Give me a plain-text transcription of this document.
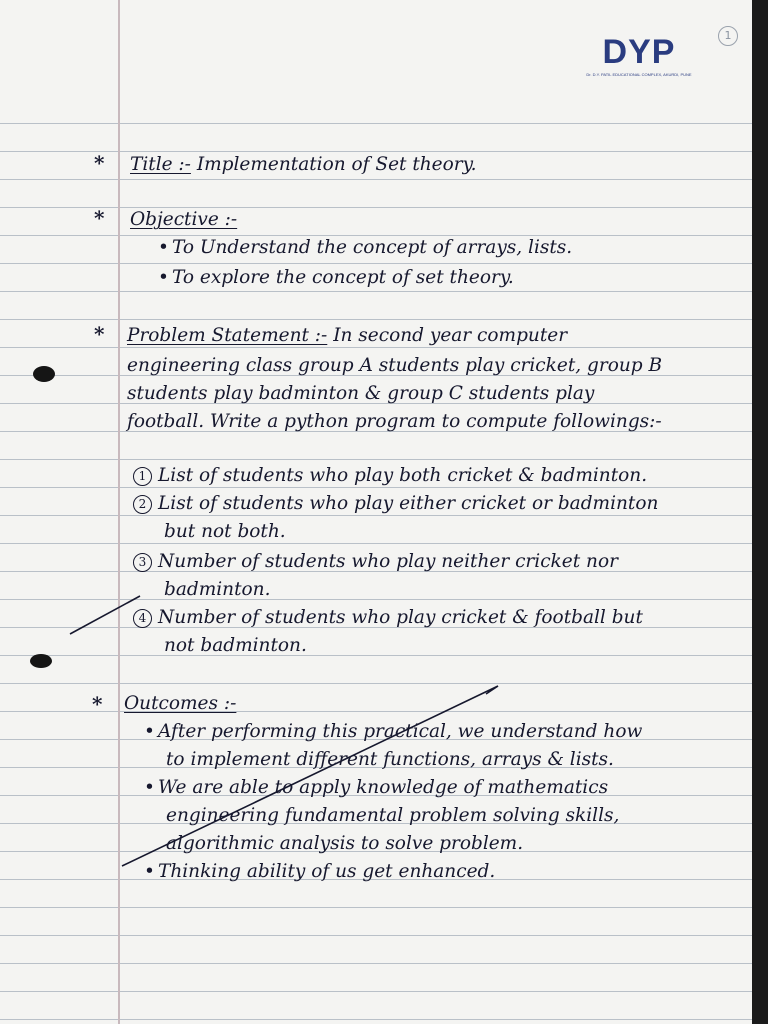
DYP
Dr. D.Y. PATIL EDUCATIONAL COMPLEX, AKURDI, PUNE
1
* Title :- Implementation of Set theory.
* Objective :-
• To Understand the concept of arrays, lists.
• To explore the concept of set theory.
* Problem Statement :- In second year computer
engineering class group A students play cricket, group B
students play badminton & group C students play
football. Write a python program to compute followings:-
1 List of students who play both cricket & badminton.
2 List of students who play either cricket or badminton
but not both.
3 Number of students who play neither cricket nor
badminton.
4 Number of students who play cricket & football but
not badminton.
* Outcomes :-
• After performing this practical, we understand how
to implement different functions, arrays & lists.
• We are able to apply knowledge of mathematics
engineering fundamental problem solving skills,
algorithmic analysis to solve problem.
• Thinking ability of us get enhanced.
